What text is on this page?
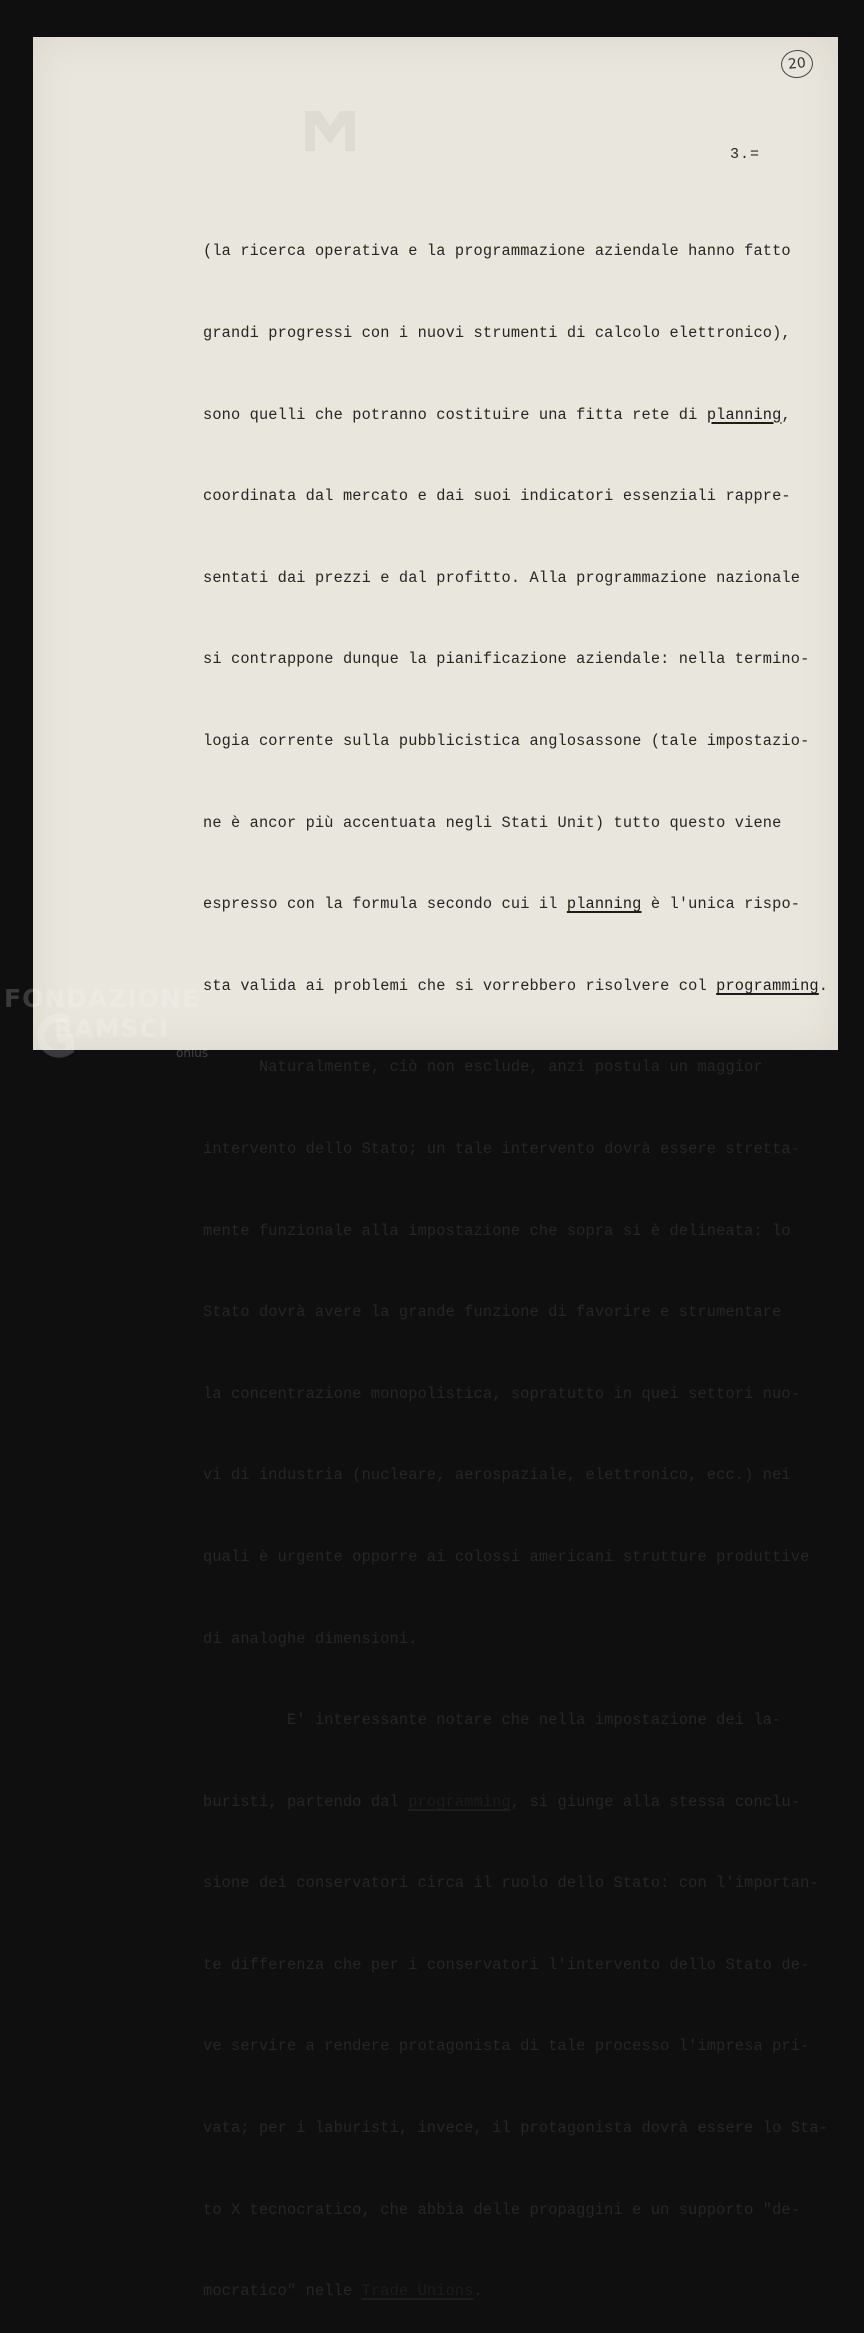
20
3.=

(la ricerca operativa e la programmazione aziendale hanno fatto

grandi progressi con i nuovi strumenti di calcolo elettronico),

sono quelli che potranno costituire una fitta rete di planning,

coordinata dal mercato e dai suoi indicatori essenziali rappre-

sentati dai prezzi e dal profitto. Alla programmazione nazionale

si contrappone dunque la pianificazione aziendale: nella termino-

logia corrente sulla pubblicistica anglosassone (tale impostazio-

ne è ancor più accentuata negli Stati Unit) tutto questo viene

espresso con la formula secondo cui il planning è l'unica rispo-

sta valida ai problemi che si vorrebbero risolvere col programming.

Naturalmente, ciò non esclude, anzi postula un maggior

intervento dello Stato; un tale intervento dovrà essere stretta-

mente funzionale alla impostazione che sopra si è delineata: lo

Stato dovrà avere la grande funzione di favorire e strumentare

la concentrazione monopolistica, sopratutto in quei settori nuo-

vi di industria (nucleare, aerospaziale, elettronico, ecc.) nei

quali è urgente opporre ai colossi americani strutture produttive

di analoghe dimensioni.

E' interessante notare che nella impostazione dei la-

buristi, partendo dal programming, si giunge alla stessa conclu-

sione dei conservatori circa il ruolo dello Stato: con l'importan-

te differenza che per i conservatori l'intervento dello Stato de-

ve servire a rendere protagonista di tale processo l'impresa pri-

vata; per i laburisti, invece, il protagonista dovrà essere lo Sta-

to X tecnocratico, che abbia delle propaggini e un supporto "de-

mocratico" nelle Trade Unions.

FONDAZIONE
RAMSCI
onlus
